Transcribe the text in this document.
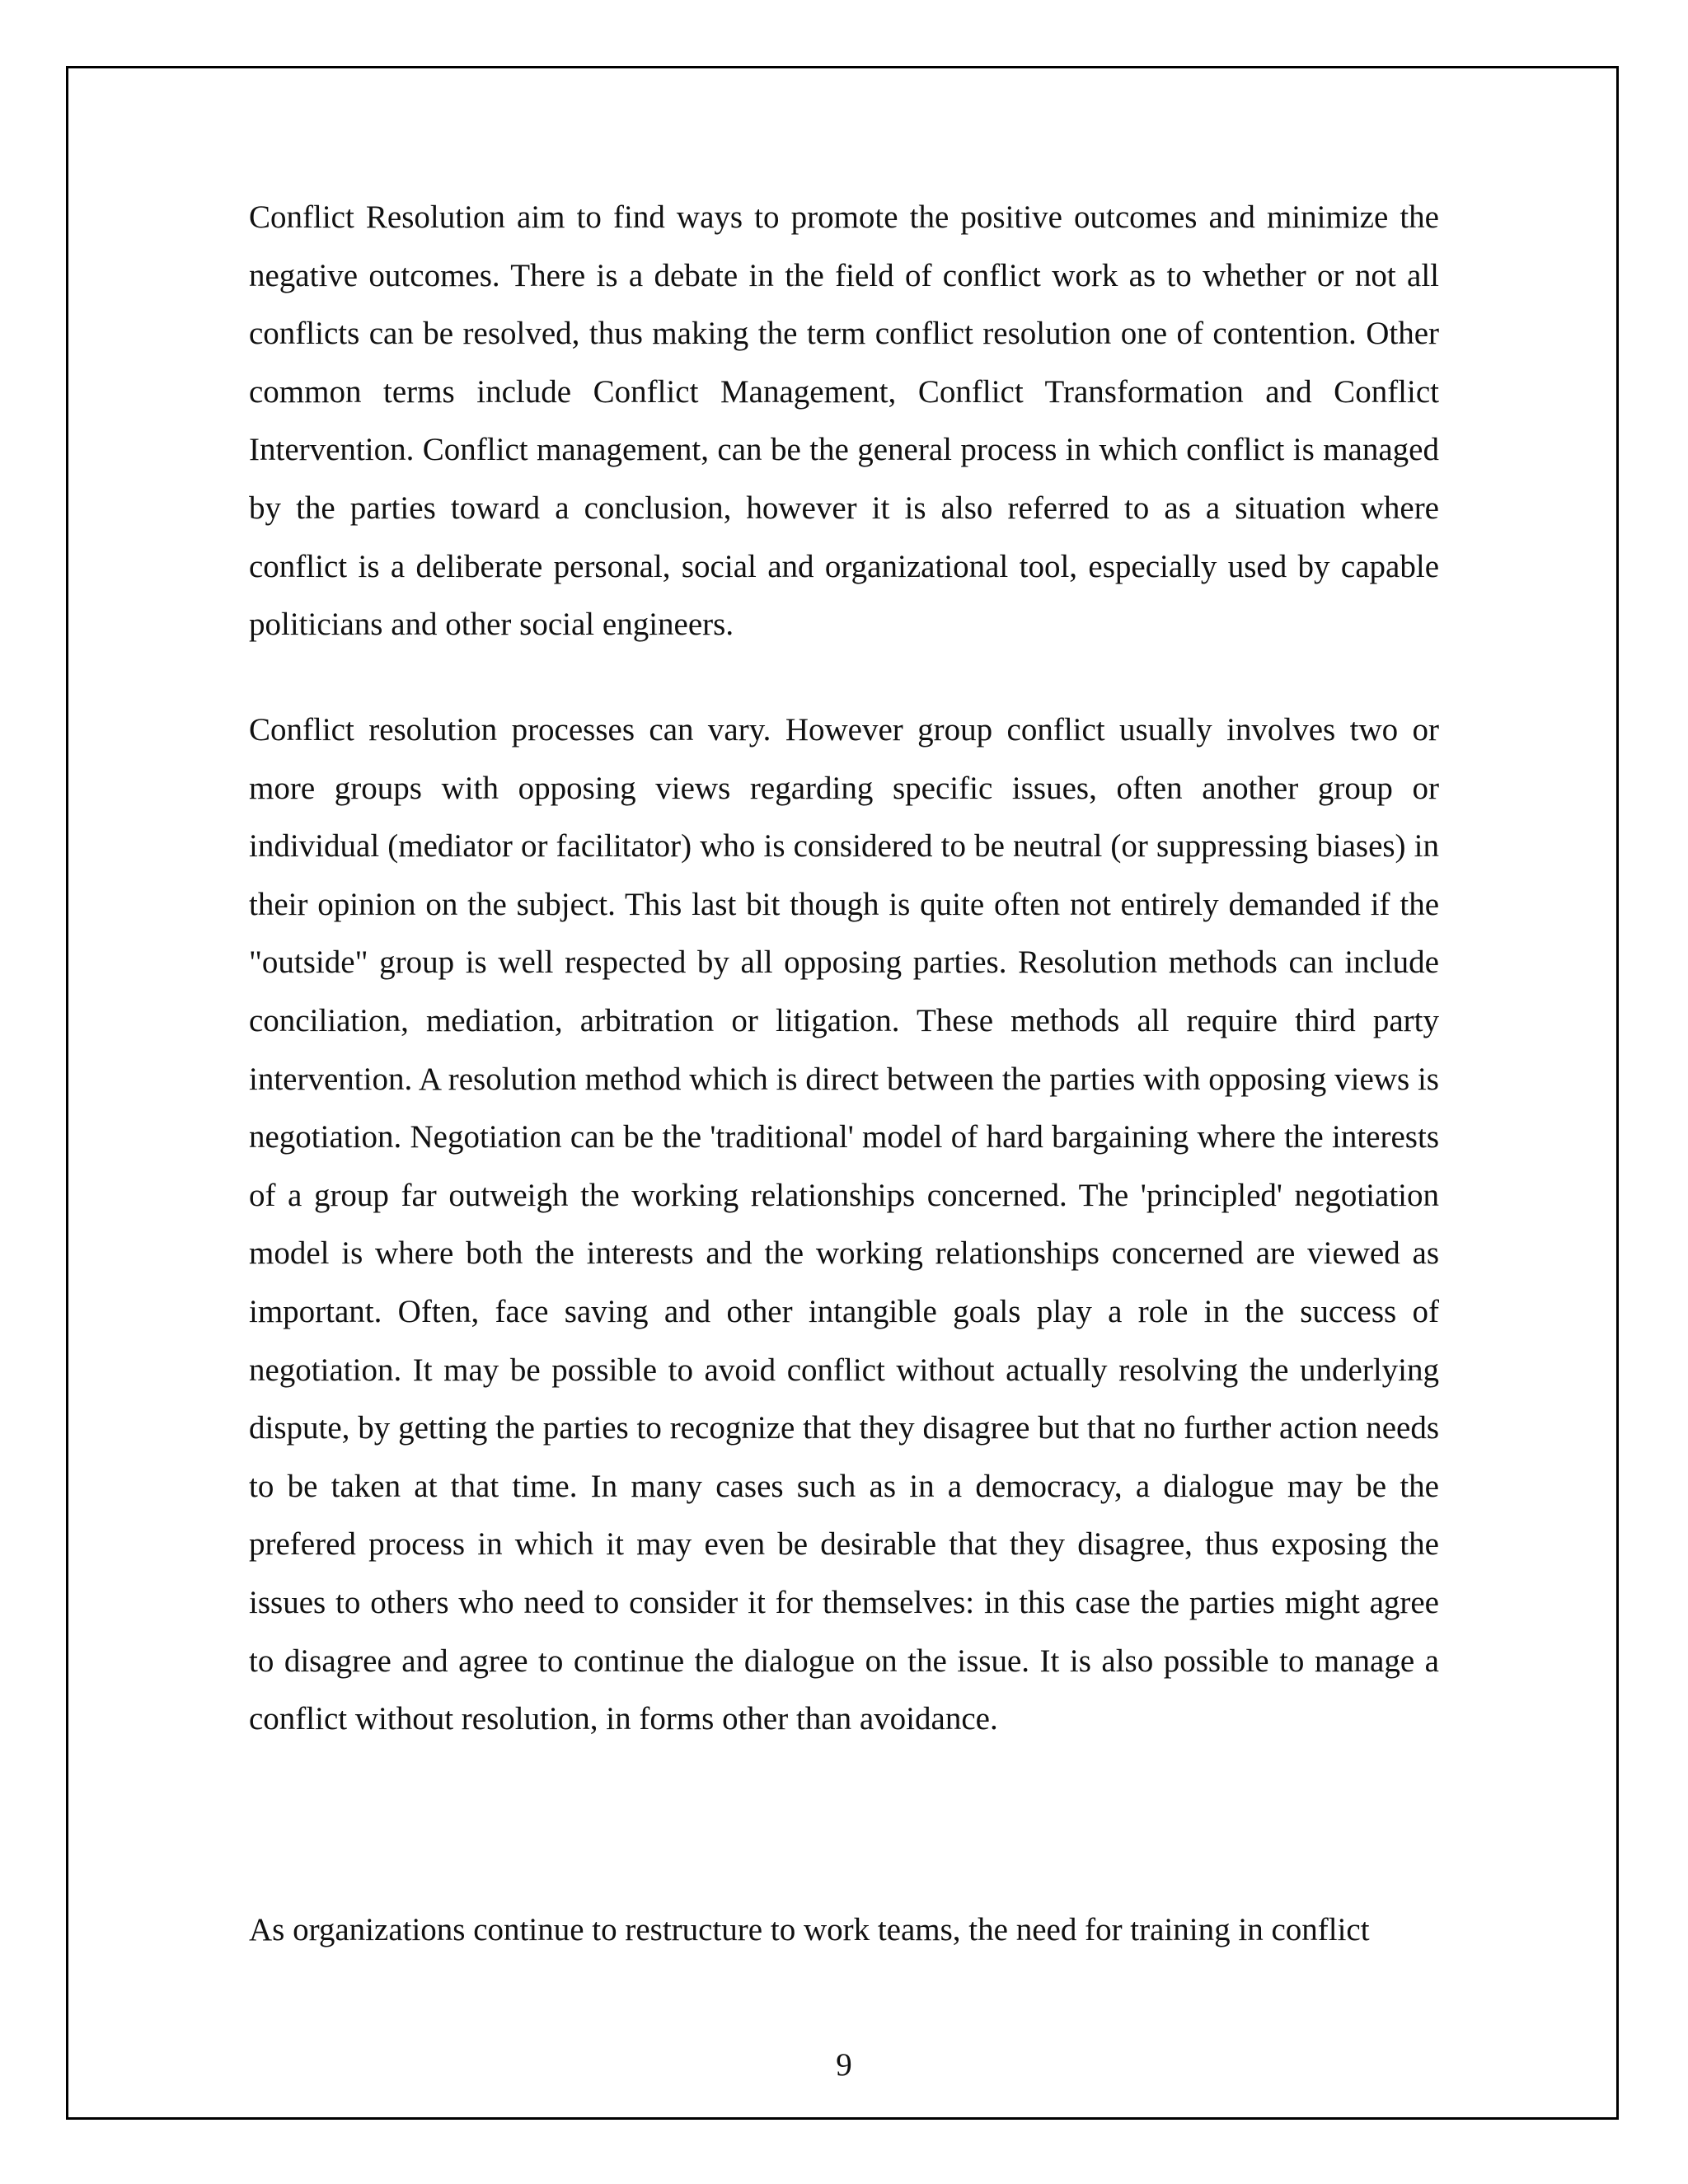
Conflict Resolution aim to find ways to promote the positive outcomes and minimize the negative outcomes. There is a debate in the field of conflict work as to whether or not all conflicts can be resolved, thus making the term conflict resolution one of contention. Other common terms include Conflict Management, Conflict Transformation and Conflict Intervention. Conflict management, can be the general process in which conflict is managed by the parties toward a conclusion, however it is also referred to as a situation where conflict is a deliberate personal, social and organizational tool, especially used by capable politicians and other social engineers.

Conflict resolution processes can vary. However group conflict usually involves two or more groups with opposing views regarding specific issues, often another group or individual (mediator or facilitator) who is considered to be neutral (or suppressing biases) in their opinion on the subject. This last bit though is quite often not entirely demanded if the "outside" group is well respected by all opposing parties. Resolution methods can include conciliation, mediation, arbitration or litigation. These methods all require third party intervention. A resolution method which is direct between the parties with opposing views is negotiation. Negotiation can be the 'traditional' model of hard bargaining where the interests of a group far outweigh the working relationships concerned. The 'principled' negotiation model is where both the interests and the working relationships concerned are viewed as important. Often, face saving and other intangible goals play a role in the success of negotiation. It may be possible to avoid conflict without actually resolving the underlying dispute, by getting the parties to recognize that they disagree but that no further action needs to be taken at that time. In many cases such as in a democracy, a dialogue may be the prefered process in which it may even be desirable that they disagree, thus exposing the issues to others who need to consider it for themselves: in this case the parties might agree to disagree and agree to continue the dialogue on the issue. It is also possible to manage a conflict without resolution, in forms other than avoidance.

As organizations continue to restructure to work teams, the need for training in conflict

9
